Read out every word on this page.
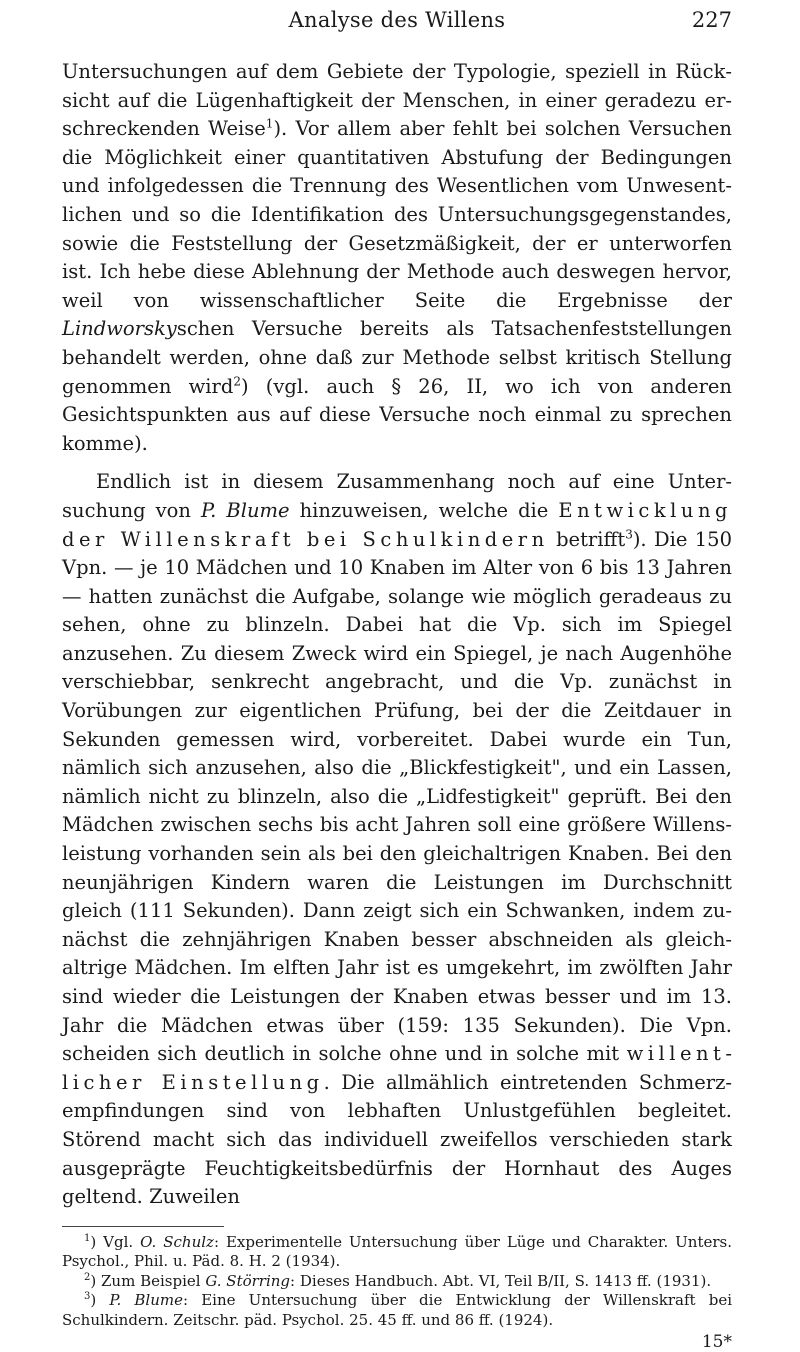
Analyse des Willens	227

Untersuchungen auf dem Gebiete der Typologie, speziell in Rücksicht auf die Lügenhaftigkeit der Menschen, in einer geradezu erschreckenden Weise$^1$). Vor allem aber fehlt bei solchen Versuchen die Möglichkeit einer quantitativen Abstufung der Bedingungen und infolgedessen die Trennung des Wesentlichen vom Unwesentlichen und so die Identifikation des Untersuchungsgegenstandes, sowie die Feststellung der Gesetzmäßigkeit, der er unterworfen ist. Ich hebe diese Ablehnung der Methode auch deswegen hervor, weil von wissenschaftlicher Seite die Ergebnisse der Lindworskyschen Versuche bereits als Tatsachenfeststellungen behandelt werden, ohne daß zur Methode selbst kritisch Stellung genommen wird$^2$) (vgl. auch § 26, II, wo ich von anderen Gesichtspunkten aus auf diese Versuche noch einmal zu sprechen komme).

Endlich ist in diesem Zusammenhang noch auf eine Untersuchung von P. Blume hinzuweisen, welche die Entwicklung der Willenskraft bei Schulkindern betrifft$^3$). Die 150 Vpn. — je 10 Mädchen und 10 Knaben im Alter von 6 bis 13 Jahren — hatten zunächst die Aufgabe, solange wie möglich geradeaus zu sehen, ohne zu blinzeln. Dabei hat die Vp. sich im Spiegel anzusehen. Zu diesem Zweck wird ein Spiegel, je nach Augenhöhe verschiebbar, senkrecht angebracht, und die Vp. zunächst in Vorübungen zur eigentlichen Prüfung, bei der die Zeitdauer in Sekunden gemessen wird, vorbereitet. Dabei wurde ein Tun, nämlich sich anzusehen, also die „Blickfestigkeit", und ein Lassen, nämlich nicht zu blinzeln, also die „Lidfestigkeit" geprüft. Bei den Mädchen zwischen sechs bis acht Jahren soll eine größere Willensleistung vorhanden sein als bei den gleichaltrigen Knaben. Bei den neunjährigen Kindern waren die Leistungen im Durchschnitt gleich (111 Sekunden). Dann zeigt sich ein Schwanken, indem zunächst die zehnjährigen Knaben besser abschneiden als gleichaltrige Mädchen. Im elften Jahr ist es umgekehrt, im zwölften Jahr sind wieder die Leistungen der Knaben etwas besser und im 13. Jahr die Mädchen etwas über (159: 135 Sekunden). Die Vpn. scheiden sich deutlich in solche ohne und in solche mit willentlicher Einstellung. Die allmählich eintretenden Schmerzempfindungen sind von lebhaften Unlustgefühlen begleitet. Störend macht sich das individuell zweifellos verschieden stark ausgeprägte Feuchtigkeitsbedürfnis der Hornhaut des Auges geltend. Zuweilen

$^1$) Vgl. O. Schulz: Experimentelle Untersuchung über Lüge und Charakter. Unters. Psychol., Phil. u. Päd. 8. H. 2 (1934).

$^2$) Zum Beispiel G. Störring: Dieses Handbuch. Abt. VI, Teil B/II, S. 1413 ff. (1931).

$^3$) P. Blume: Eine Untersuchung über die Entwicklung der Willenskraft bei Schulkindern. Zeitschr. päd. Psychol. 25. 45 ff. und 86 ff. (1924).

15*
